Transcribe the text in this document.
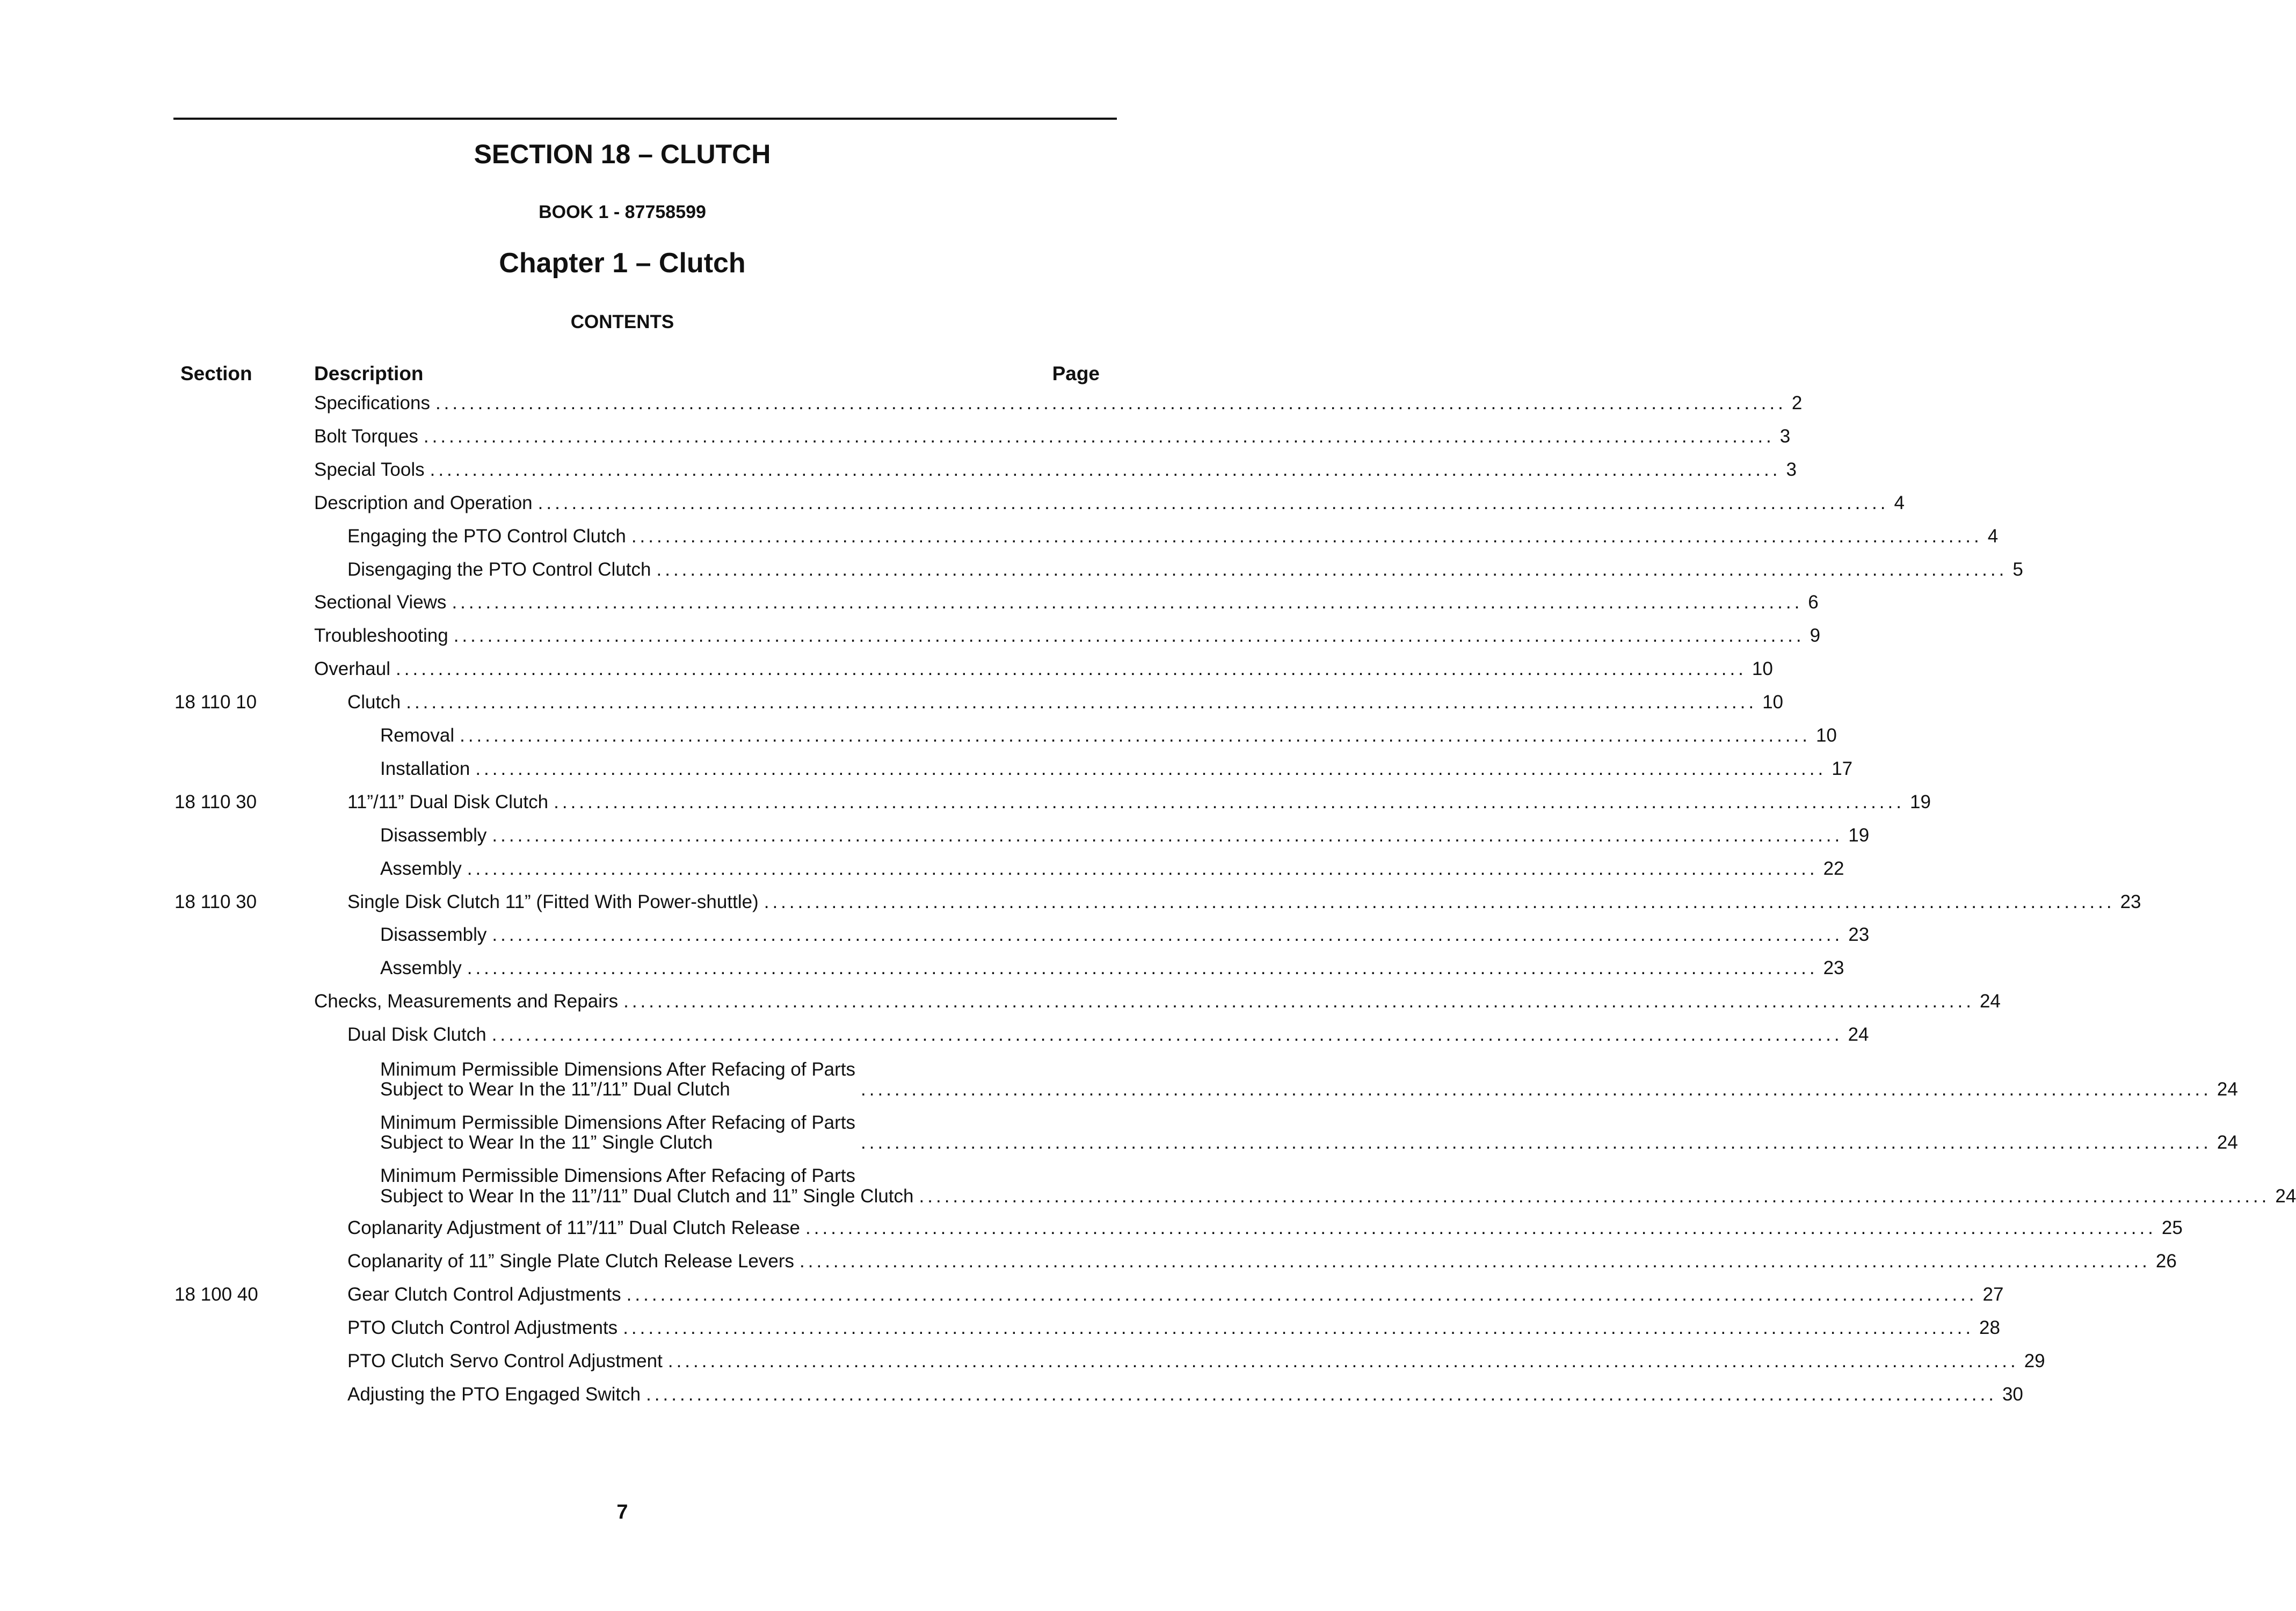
SECTION 18 – CLUTCH
BOOK 1 - 87758599
Chapter 1 – Clutch
CONTENTS
Section	Description	Page
Specifications ................................................................................................................................................................ 2
Bolt Torques ................................................................................................................................................................ 3
Special Tools ................................................................................................................................................................ 3
Description and Operation ................................................................................................................................................................ 4
Engaging the PTO Control Clutch ................................................................................................................................................................ 4
Disengaging the PTO Control Clutch ................................................................................................................................................................ 5
Sectional Views ................................................................................................................................................................ 6
Troubleshooting ................................................................................................................................................................ 9
Overhaul ................................................................................................................................................................ 10
18 110 10	Clutch ................................................................................................................................................................ 10
Removal ................................................................................................................................................................ 10
Installation ................................................................................................................................................................ 17
18 110 30	11”/11” Dual Disk Clutch ................................................................................................................................................................ 19
Disassembly ................................................................................................................................................................ 19
Assembly ................................................................................................................................................................ 22
18 110 30	Single Disk Clutch 11” (Fitted With Power-shuttle) ................................................................................................................................................................ 23
Disassembly ................................................................................................................................................................ 23
Assembly ................................................................................................................................................................ 23
Checks, Measurements and Repairs ................................................................................................................................................................ 24
Dual Disk Clutch ................................................................................................................................................................ 24
Minimum Permissible Dimensions After Refacing of Parts
Subject to Wear In the 11”/11” Dual Clutch	................................................................................................................................................................ 24
Minimum Permissible Dimensions After Refacing of Parts
Subject to Wear In the 11” Single Clutch	................................................................................................................................................................ 24
Minimum Permissible Dimensions After Refacing of Parts
Subject to Wear In the 11”/11” Dual Clutch and 11” Single Clutch ................................................................................................................................................................ 24
Coplanarity Adjustment of 11”/11” Dual Clutch Release ................................................................................................................................................................ 25
Coplanarity of 11” Single Plate Clutch Release Levers ................................................................................................................................................................ 26
18 100 40	Gear Clutch Control Adjustments ................................................................................................................................................................ 27
PTO Clutch Control Adjustments ................................................................................................................................................................ 28
PTO Clutch Servo Control Adjustment ................................................................................................................................................................ 29
Adjusting the PTO Engaged Switch ................................................................................................................................................................ 30
7
